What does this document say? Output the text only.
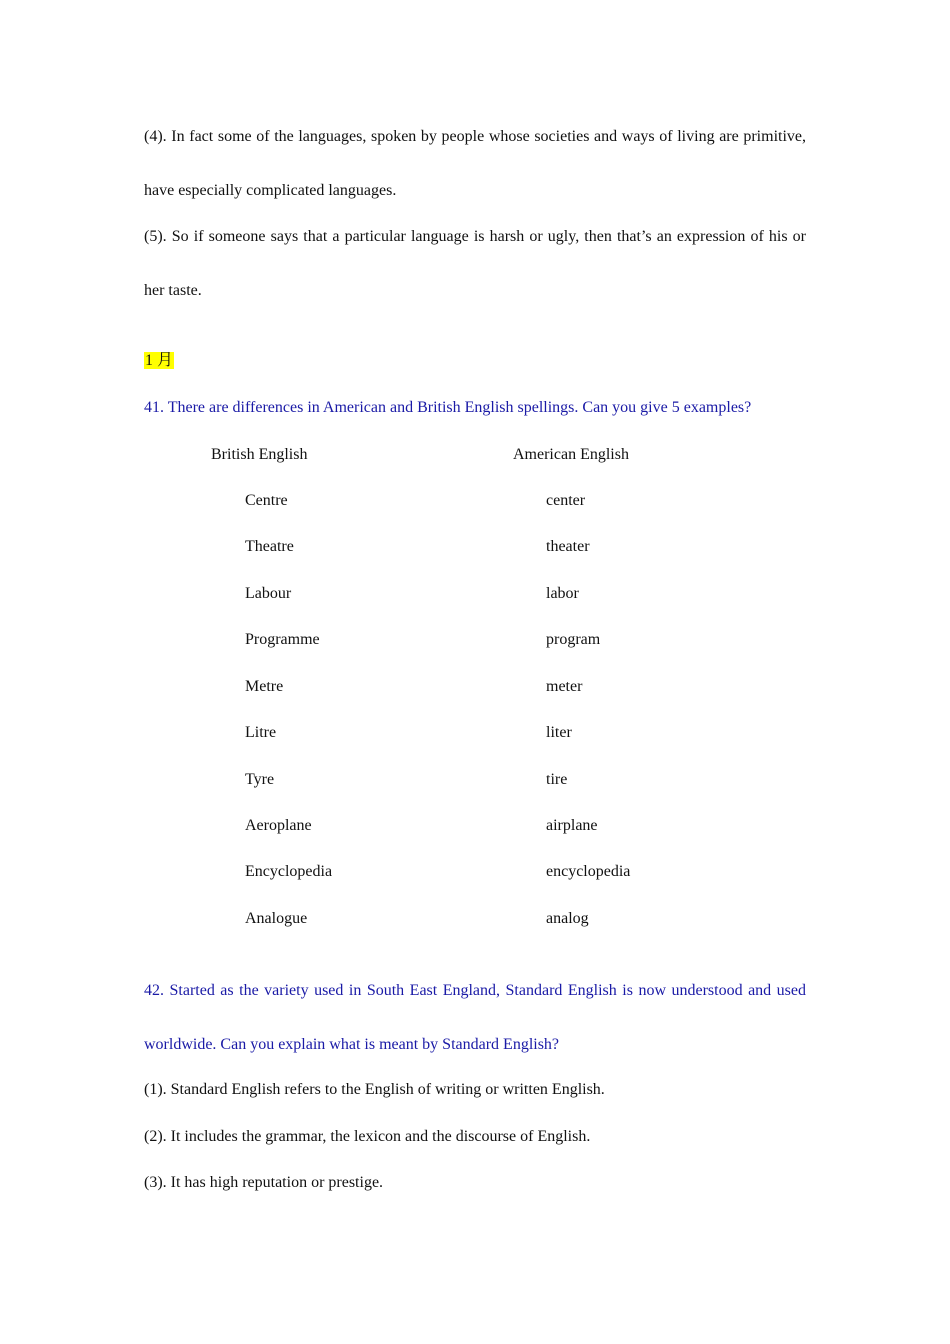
(4). In fact some of the languages, spoken by people whose societies and ways of living are primitive, have especially complicated languages.

(5). So if someone says that a particular language is harsh or ugly, then that’s an expression of his or her taste.

1 月
41. There are differences in American and British English spellings. Can you give 5 examples?
British English	American English
Centre	center
Theatre	theater
Labour	labor
Programme	program
Metre	meter
Litre	liter
Tyre	tire
Aeroplane	airplane
Encyclopedia	encyclopedia
Analogue	analog

42. Started as the variety used in South East England, Standard English is now understood and used worldwide. Can you explain what is meant by Standard English?

(1). Standard English refers to the English of writing or written English.
(2). It includes the grammar, the lexicon and the discourse of English.
(3). It has high reputation or prestige.
